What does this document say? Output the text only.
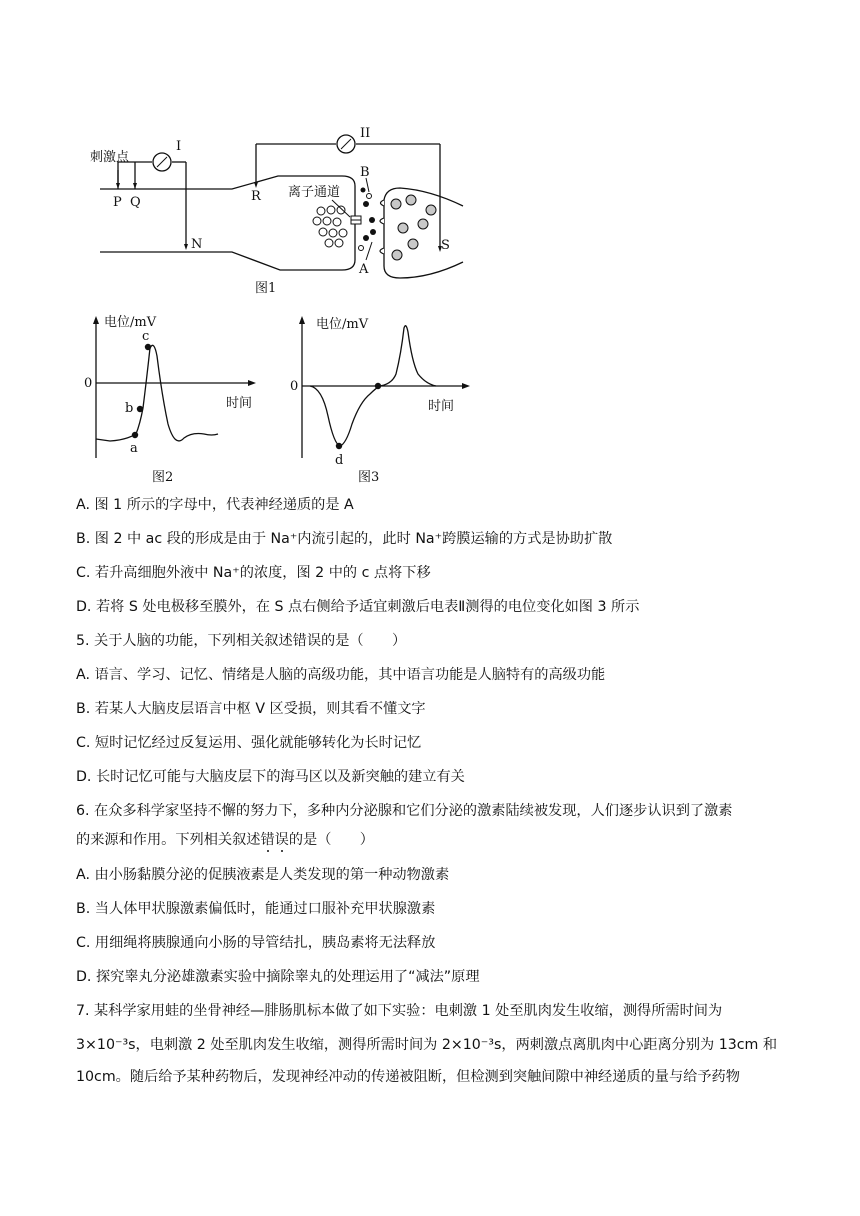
刺激点
I
II
P Q
N
R
S
B
A
离子通道
图1
电位/mV
0
时间
a
b
c
图2
电位/mV
0
时间
d
图3
A. 图 1 所示的字母中，代表神经递质的是 A
B. 图 2 中 ac 段的形成是由于 Na⁺内流引起的，此时 Na⁺跨膜运输的方式是协助扩散
C. 若升高细胞外液中 Na⁺的浓度，图 2 中的 c 点将下移
D. 若将 S 处电极移至膜外，在 S 点右侧给予适宜刺激后电表Ⅱ测得的电位变化如图 3 所示
5. 关于人脑的功能，下列相关叙述错误的是（　　）
A. 语言、学习、记忆、情绪是人脑的高级功能，其中语言功能是人脑特有的高级功能
B. 若某人大脑皮层语言中枢 V 区受损，则其看不懂文字
C. 短时记忆经过反复运用、强化就能够转化为长时记忆
D. 长时记忆可能与大脑皮层下的海马区以及新突触的建立有关
6. 在众多科学家坚持不懈的努力下，多种内分泌腺和它们分泌的激素陆续被发现，人们逐步认识到了激素
的来源和作用。下列相关叙述错误的是（　　）
A. 由小肠黏膜分泌的促胰液素是人类发现的第一种动物激素
B. 当人体甲状腺激素偏低时，能通过口服补充甲状腺激素
C. 用细绳将胰腺通向小肠的导管结扎，胰岛素将无法释放
D. 探究睾丸分泌雄激素实验中摘除睾丸的处理运用了“减法”原理
7. 某科学家用蛙的坐骨神经—腓肠肌标本做了如下实验：电刺激 1 处至肌肉发生收缩，测得所需时间为
3×10⁻³s，电刺激 2 处至肌肉发生收缩，测得所需时间为 2×10⁻³s，两刺激点离肌肉中心距离分别为 13cm 和
10cm。随后给予某种药物后，发现神经冲动的传递被阻断，但检测到突触间隙中神经递质的量与给予药物
